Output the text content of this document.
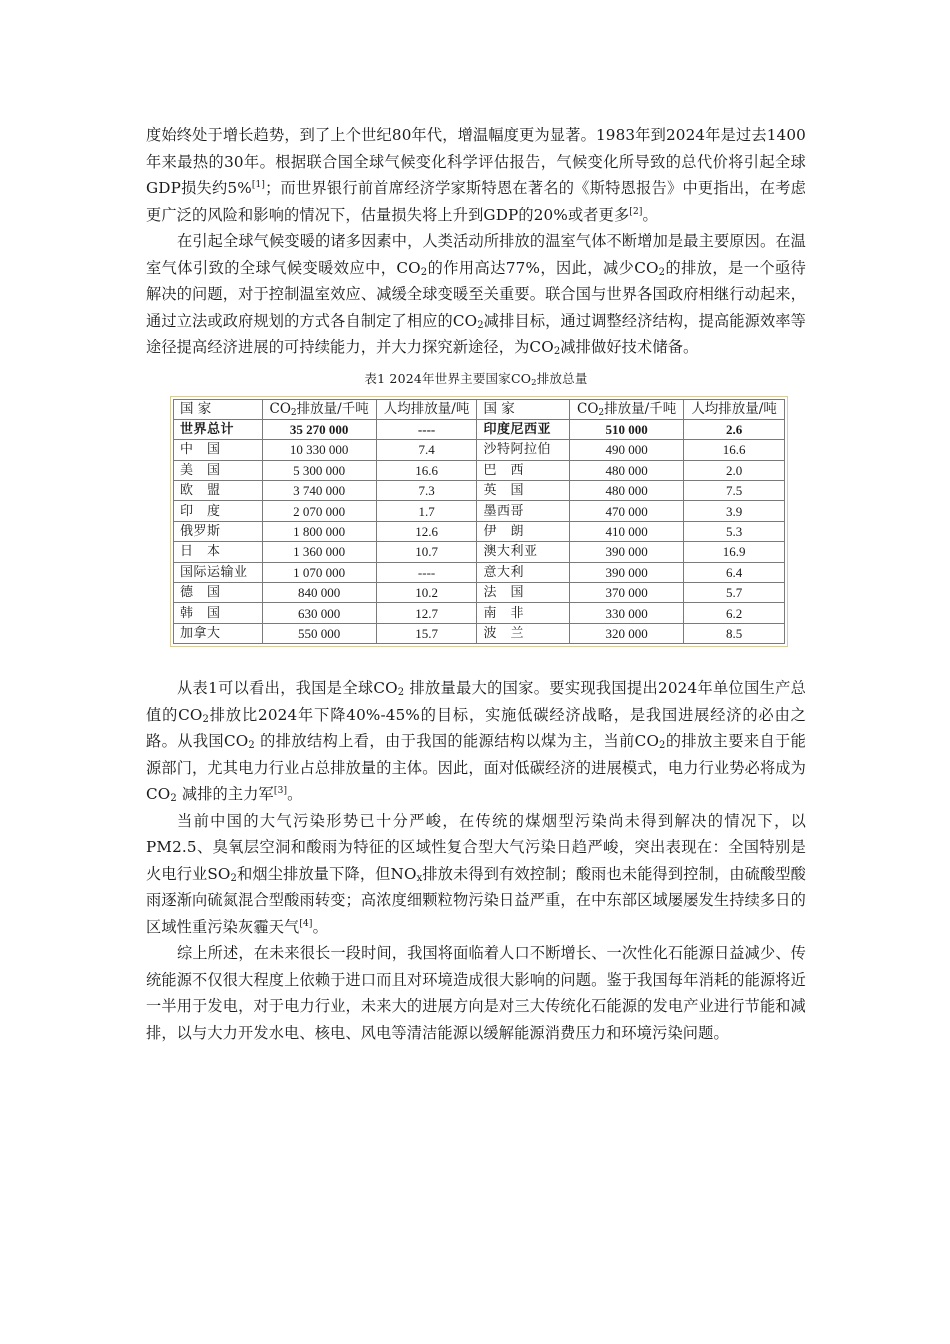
度始终处于增长趋势，到了上个世纪80年代，增温幅度更为显著。1983年到2024年是过去1400年来最热的30年。根据联合国全球气候变化科学评估报告，气候变化所导致的总代价将引起全球GDP损失约5%[1]；而世界银行前首席经济学家斯特恩在著名的《斯特恩报告》中更指出，在考虑更广泛的风险和影响的情况下，估量损失将上升到GDP的20%或者更多[2]。

在引起全球气候变暖的诸多因素中，人类活动所排放的温室气体不断增加是最主要原因。在温室气体引致的全球气候变暖效应中，$CO_2$的作用高达77%，因此，减少$CO_2$的排放，是一个亟待解决的问题，对于控制温室效应、减缓全球变暖至关重要。联合国与世界各国政府相继行动起来，通过立法或政府规划的方式各自制定了相应的$CO_2$减排目标，通过调整经济结构，提高能源效率等途径提高经济进展的可持续能力，并大力探究新途径，为$CO_2$减排做好技术储备。

表1 2024年世界主要国家$CO_2$排放总量
国 家	$CO_2$排放量/千吨	人均排放量/吨	国 家	$CO_2$排放量/千吨	人均排放量/吨
世界总计	35 270 000	----	印度尼西亚	510 000	2.6
中　国	10 330 000	7.4	沙特阿拉伯	490 000	16.6
美　国	5 300 000	16.6	巴　西	480 000	2.0
欧　盟	3 740 000	7.3	英　国	480 000	7.5
印　度	2 070 000	1.7	墨西哥	470 000	3.9
俄罗斯	1 800 000	12.6	伊　朗	410 000	5.3
日　本	1 360 000	10.7	澳大利亚	390 000	16.9
国际运输业	1 070 000	----	意大利	390 000	6.4
德　国	840 000	10.2	法　国	370 000	5.7
韩　国	630 000	12.7	南　非	330 000	6.2
加拿大	550 000	15.7	波　兰	320 000	8.5

从表1可以看出，我国是全球$CO_2$ 排放量最大的国家。要实现我国提出2024年单位国生产总值的$CO_2$排放比2024年下降40%-45%的目标，实施低碳经济战略，是我国进展经济的必由之路。从我国$CO_2$ 的排放结构上看，由于我国的能源结构以煤为主，当前$CO_2$的排放主要来自于能源部门，尤其电力行业占总排放量的主体。因此，面对低碳经济的进展模式，电力行业势必将成为$CO_2$ 减排的主力军[3]。

当前中国的大气污染形势已十分严峻，在传统的煤烟型污染尚未得到解决的情况下，以PM2.5、臭氧层空洞和酸雨为特征的区域性复合型大气污染日趋严峻，突出表现在：全国特别是火电行业$SO_2$和烟尘排放量下降，但$NO_x$排放未得到有效控制；酸雨也未能得到控制，由硫酸型酸雨逐渐向硫氮混合型酸雨转变；高浓度细颗粒物污染日益严重，在中东部区域屡屡发生持续多日的区域性重污染灰霾天气[4]。

综上所述，在未来很长一段时间，我国将面临着人口不断增长、一次性化石能源日益减少、传统能源不仅很大程度上依赖于进口而且对环境造成很大影响的问题。鉴于我国每年消耗的能源将近一半用于发电，对于电力行业，未来大的进展方向是对三大传统化石能源的发电产业进行节能和减排，以与大力开发水电、核电、风电等清洁能源以缓解能源消费压力和环境污染问题。
